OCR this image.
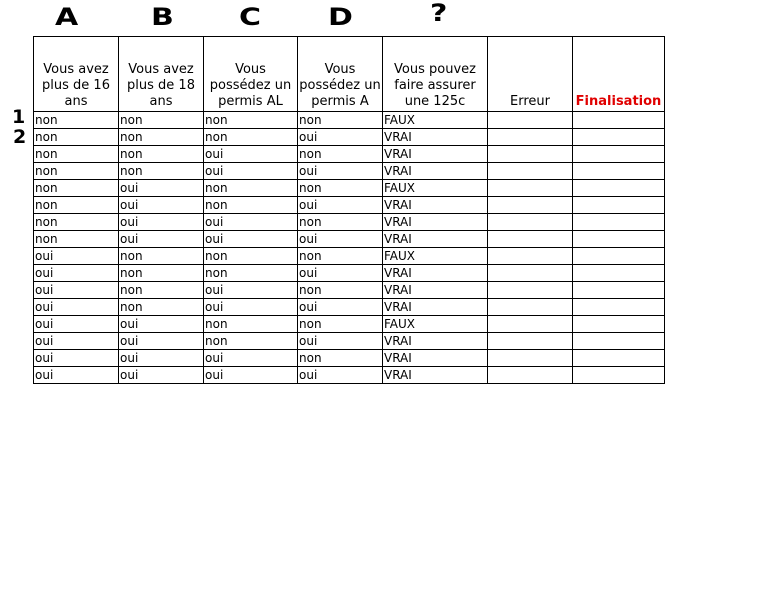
A B C D	?
1
2
Vous avez plus de 16 ans	Vous avez plus de 18 ans	Vous possédez un permis AL	Vous possédez un permis A	Vous pouvez faire assurer une 125c	Erreur	Finalisation
non	non	non	non	FAUX		
non	non	non	oui	VRAI		
non	non	oui	non	VRAI		
non	non	oui	oui	VRAI		
non	oui	non	non	FAUX		
non	oui	non	oui	VRAI		
non	oui	oui	non	VRAI		
non	oui	oui	oui	VRAI		
oui	non	non	non	FAUX		
oui	non	non	oui	VRAI		
oui	non	oui	non	VRAI		
oui	non	oui	oui	VRAI		
oui	oui	non	non	FAUX		
oui	oui	non	oui	VRAI		
oui	oui	oui	non	VRAI		
oui	oui	oui	oui	VRAI		
